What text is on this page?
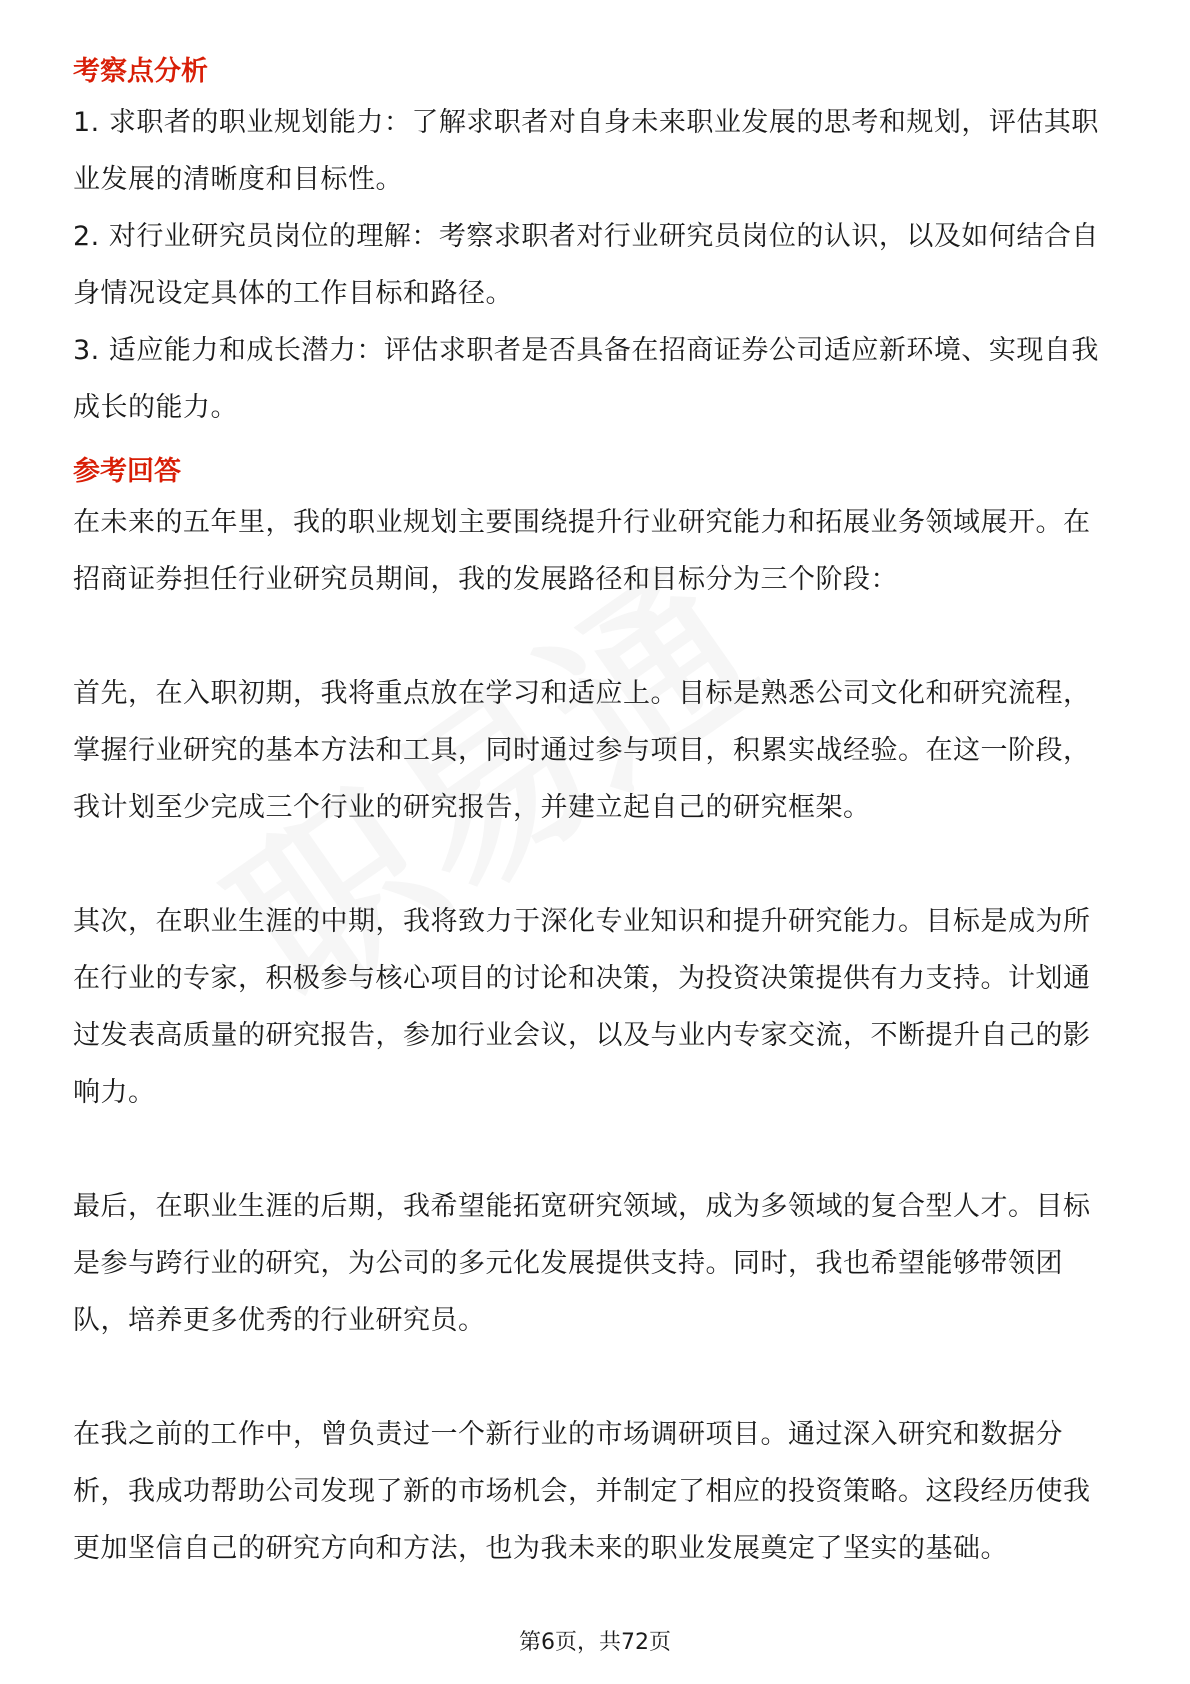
考察点分析

1. 求职者的职业规划能力：了解求职者对自身未来职业发展的思考和规划，评估其职业发展的清晰度和目标性。

2. 对行业研究员岗位的理解：考察求职者对行业研究员岗位的认识，以及如何结合自身情况设定具体的工作目标和路径。

3. 适应能力和成长潜力：评估求职者是否具备在招商证券公司适应新环境、实现自我成长的能力。

参考回答

在未来的五年里，我的职业规划主要围绕提升行业研究能力和拓展业务领域展开。在招商证券担任行业研究员期间，我的发展路径和目标分为三个阶段：

首先，在入职初期，我将重点放在学习和适应上。目标是熟悉公司文化和研究流程，掌握行业研究的基本方法和工具，同时通过参与项目，积累实战经验。在这一阶段，我计划至少完成三个行业的研究报告，并建立起自己的研究框架。

其次，在职业生涯的中期，我将致力于深化专业知识和提升研究能力。目标是成为所在行业的专家，积极参与核心项目的讨论和决策，为投资决策提供有力支持。计划通过发表高质量的研究报告，参加行业会议，以及与业内专家交流，不断提升自己的影响力。

最后，在职业生涯的后期，我希望能拓宽研究领域，成为多领域的复合型人才。目标是参与跨行业的研究，为公司的多元化发展提供支持。同时，我也希望能够带领团队，培养更多优秀的行业研究员。

在我之前的工作中，曾负责过一个新行业的市场调研项目。通过深入研究和数据分析，我成功帮助公司发现了新的市场机会，并制定了相应的投资策略。这段经历使我更加坚信自己的研究方向和方法，也为我未来的职业发展奠定了坚实的基础。

第6页，共72页
